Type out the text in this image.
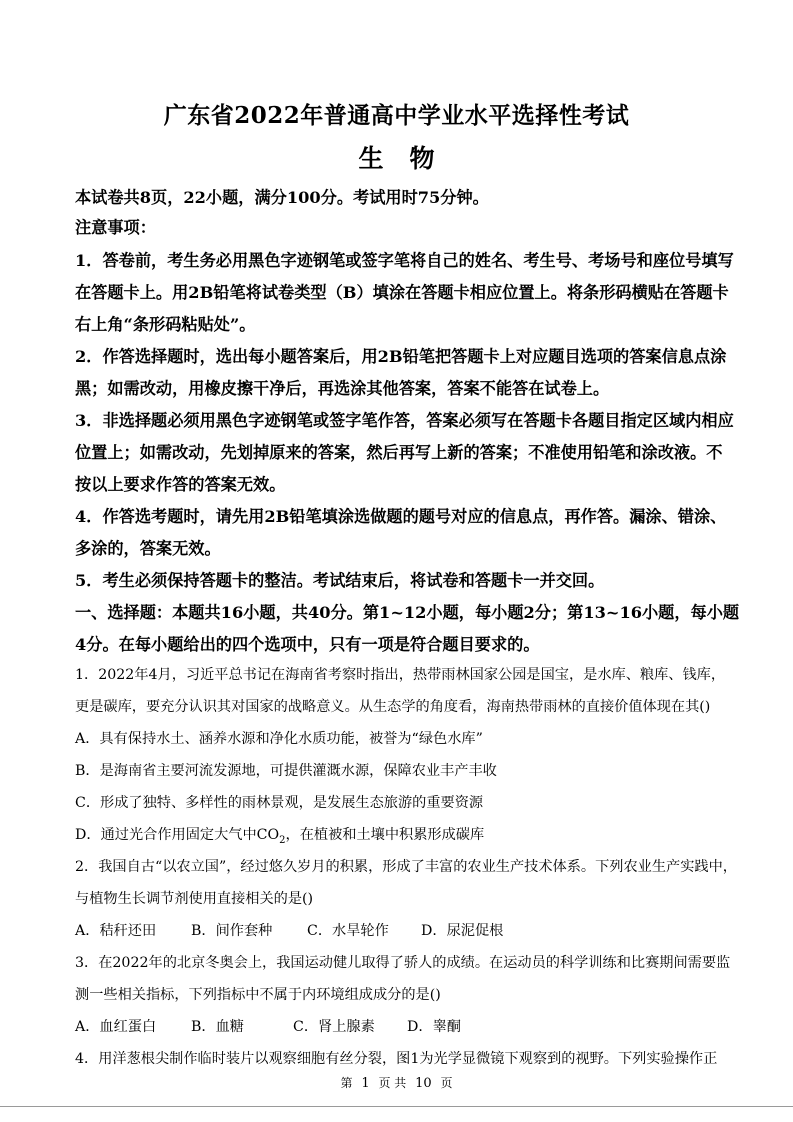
广东省2022年普通高中学业水平选择性考试
生物
本试卷共8页，22小题，满分100分。考试用时75分钟。
注意事项：
1．答卷前，考生务必用黑色字迹钢笔或签字笔将自己的姓名、考生号、考场号和座位号填写
在答题卡上。用2B铅笔将试卷类型（B）填涂在答题卡相应位置上。将条形码横贴在答题卡
右上角“条形码粘贴处”。
2．作答选择题时，选出每小题答案后，用2B铅笔把答题卡上对应题目选项的答案信息点涂
黑；如需改动，用橡皮擦干净后，再选涂其他答案，答案不能答在试卷上。
3．非选择题必须用黑色字迹钢笔或签字笔作答，答案必须写在答题卡各题目指定区域内相应
位置上；如需改动，先划掉原来的答案，然后再写上新的答案；不准使用铅笔和涂改液。不
按以上要求作答的答案无效。
4．作答选考题时，请先用2B铅笔填涂选做题的题号对应的信息点，再作答。漏涂、错涂、
多涂的，答案无效。
5．考生必须保持答题卡的整洁。考试结束后，将试卷和答题卡一并交回。
一、选择题：本题共16小题，共40分。第1~12小题，每小题2分；第13~16小题，每小题
4分。在每小题给出的四个选项中，只有一项是符合题目要求的。
1．2022年4月，习近平总书记在海南省考察时指出，热带雨林国家公园是国宝，是水库、粮库、钱库，
更是碳库，要充分认识其对国家的战略意义。从生态学的角度看，海南热带雨林的直接价值体现在其()
A．具有保持水土、涵养水源和净化水质功能，被誉为“绿色水库”
B．是海南省主要河流发源地，可提供灌溉水源，保障农业丰产丰收
C．形成了独特、多样性的雨林景观，是发展生态旅游的重要资源
D．通过光合作用固定大气中$CO_2$，在植被和土壤中积累形成碳库
2．我国自古“以农立国”，经过悠久岁月的积累，形成了丰富的农业生产技术体系。下列农业生产实践中，
与植物生长调节剂使用直接相关的是()
A．秸秆还田 B．间作套种 C．水旱轮作 D．尿泥促根
3．在2022年的北京冬奥会上，我国运动健儿取得了骄人的成绩。在运动员的科学训练和比赛期间需要监
测一些相关指标，下列指标中不属于内环境组成成分的是()
A．血红蛋白 B．血糖	C．肾上腺素 D．睾酮
4．用洋葱根尖制作临时装片以观察细胞有丝分裂，图1为光学显微镜下观察到的视野。下列实验操作正
第 1 页 共 10 页
